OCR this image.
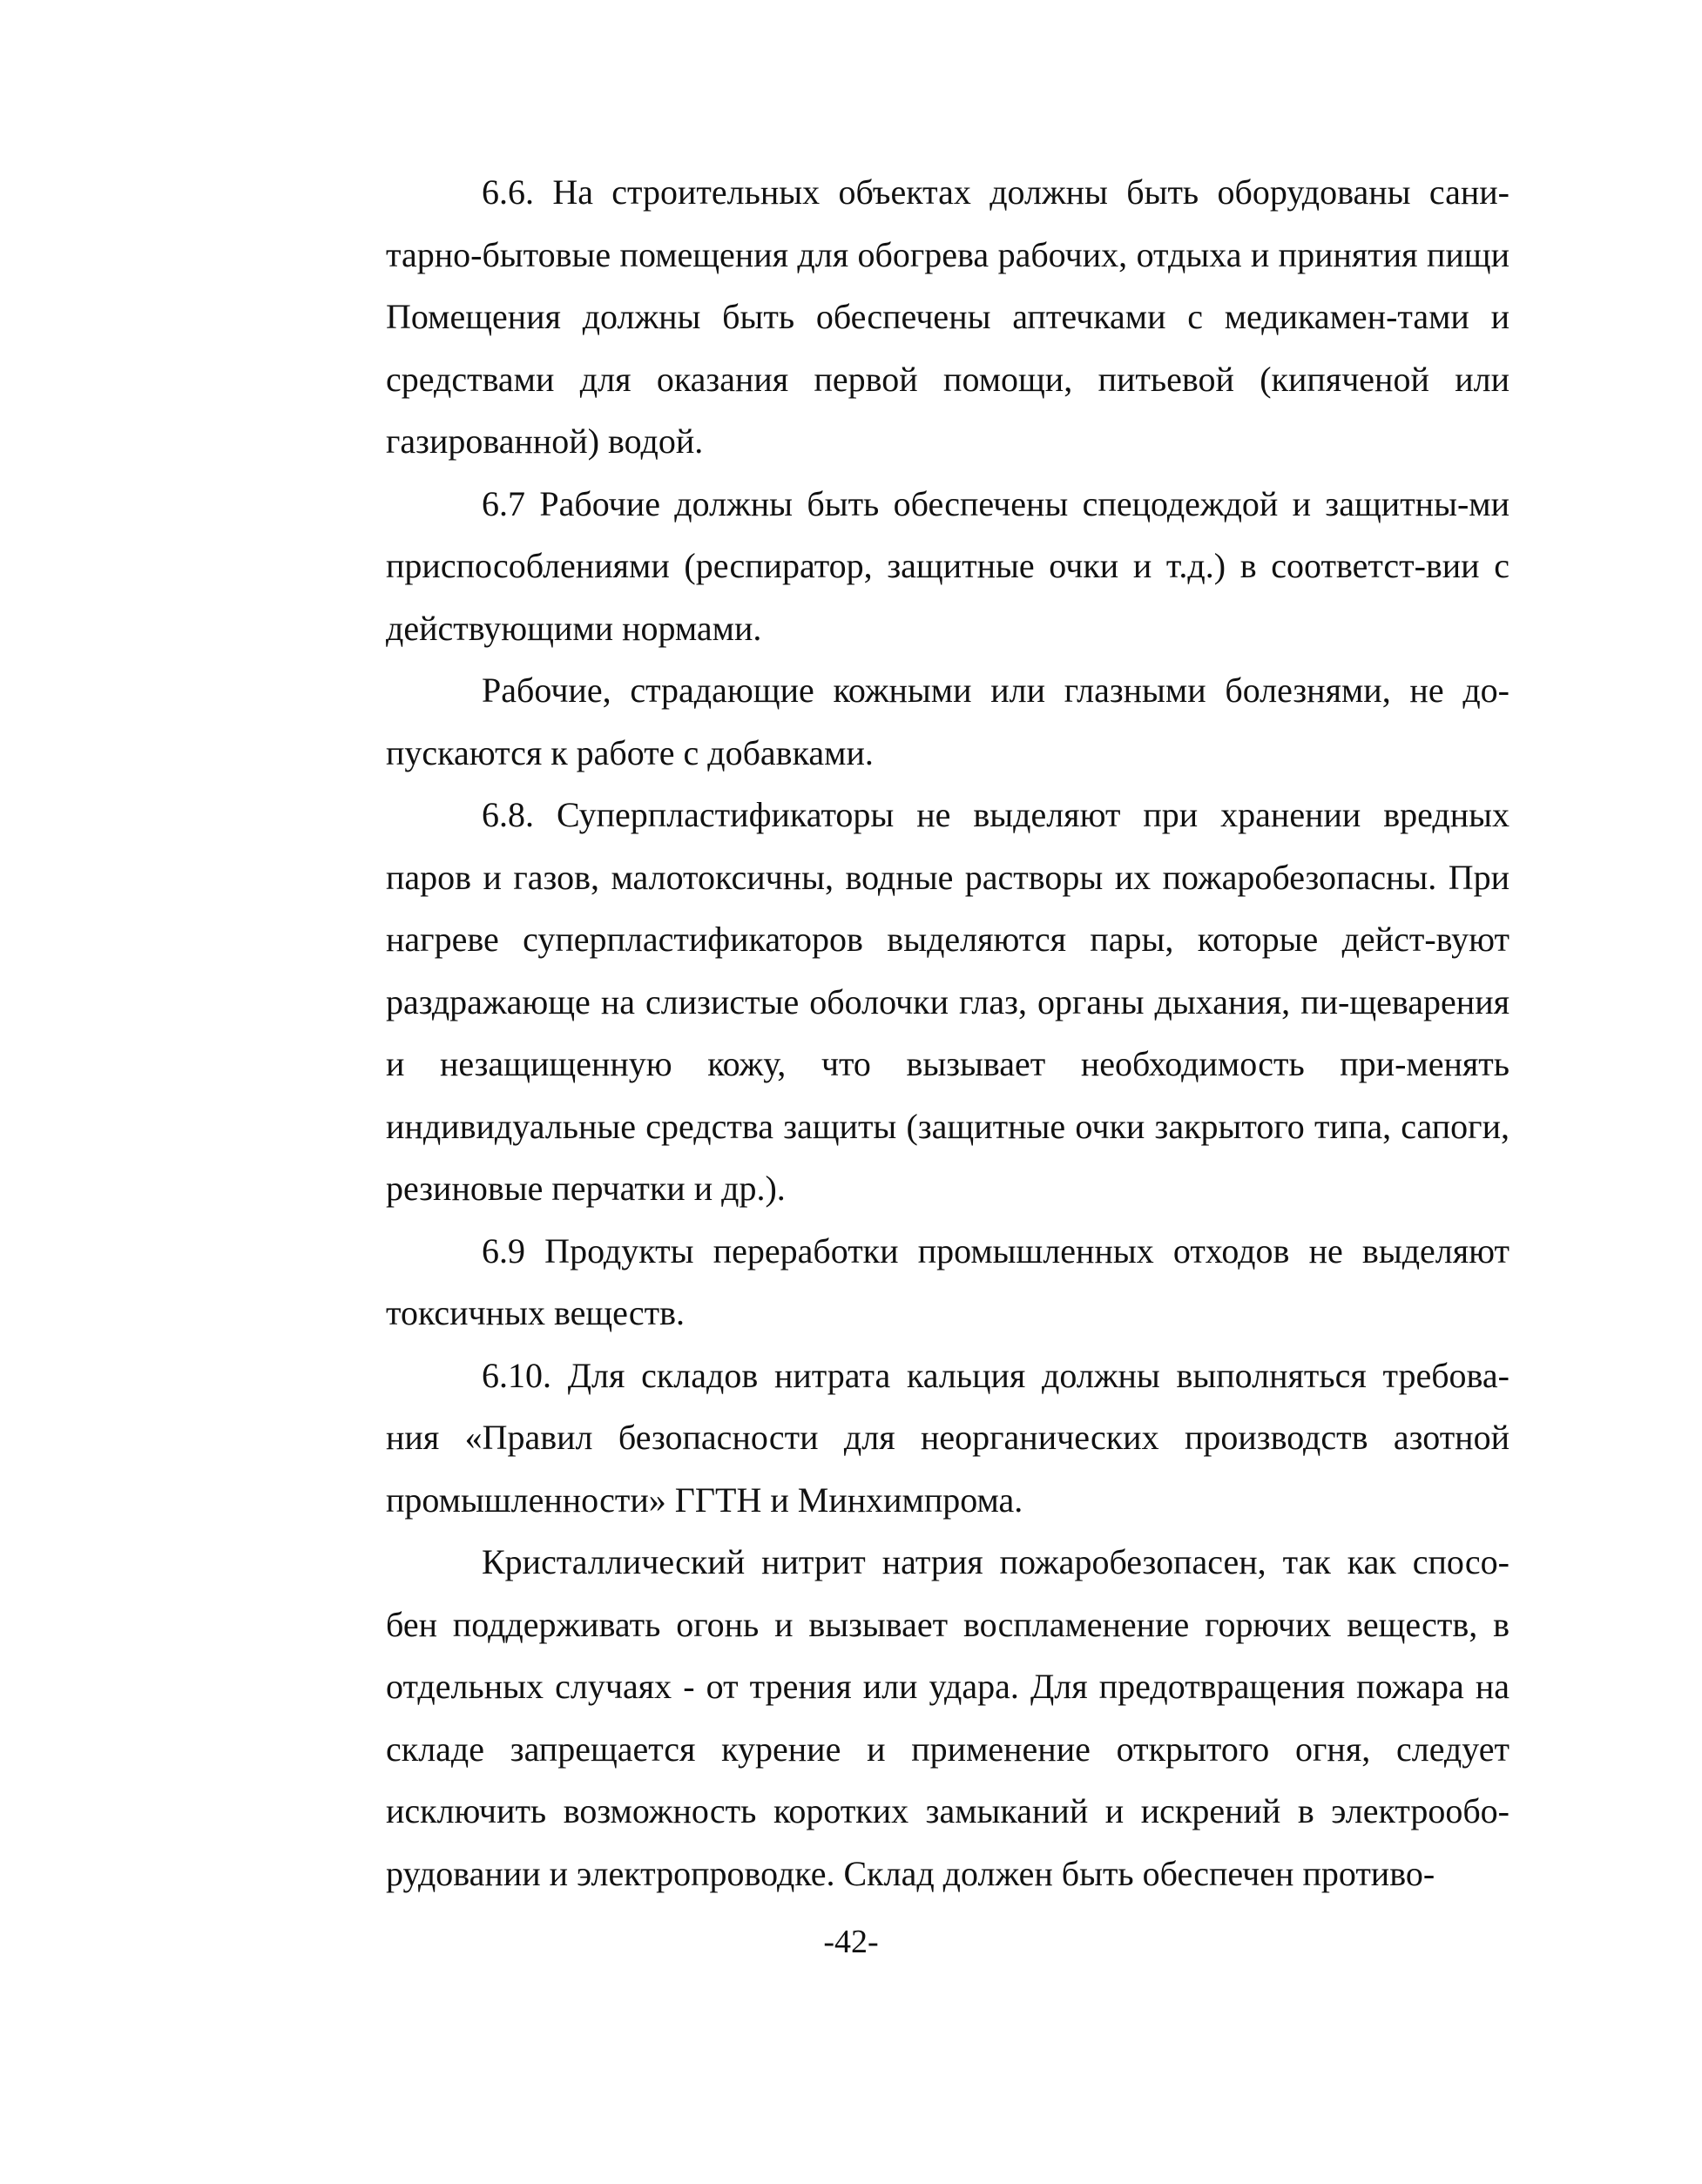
6.6. На строительных объектах должны быть оборудованы сани-тарно-бытовые помещения для обогрева рабочих, отдыха и принятия пищи Помещения должны быть обеспечены аптечками с медикамен-тами и средствами для оказания первой помощи, питьевой (кипяченой или газированной) водой.

6.7 Рабочие должны быть обеспечены спецодеждой и защитны-ми приспособлениями (респиратор, защитные очки и т.д.) в соответст-вии с действующими нормами.

Рабочие, страдающие кожными или глазными болезнями, не до-пускаются к работе с добавками.

6.8. Суперпластификаторы не выделяют при хранении вредных паров и газов, малотоксичны, водные растворы их пожаробезопасны. При нагреве суперпластификаторов выделяются пары, которые дейст-вуют раздражающе на слизистые оболочки глаз, органы дыхания, пи-щеварения и незащищенную кожу, что вызывает необходимость при-менять индивидуальные средства защиты (защитные очки закрытого типа, сапоги, резиновые перчатки и др.).

6.9 Продукты переработки промышленных отходов не выделяют токсичных веществ.

6.10. Для складов нитрата кальция должны выполняться требова-ния «Правил безопасности для неорганических производств азотной промышленности» ГГТН и Минхимпрома.

Кристаллический нитрит натрия пожаробезопасен, так как спосо-бен поддерживать огонь и вызывает воспламенение горючих веществ, в отдельных случаях - от трения или удара. Для предотвращения пожара на складе запрещается курение и применение открытого огня, следует исключить возможность коротких замыканий и искрений в электрообо-рудовании и электропроводке. Склад должен быть обеспечен противо-

-42-
